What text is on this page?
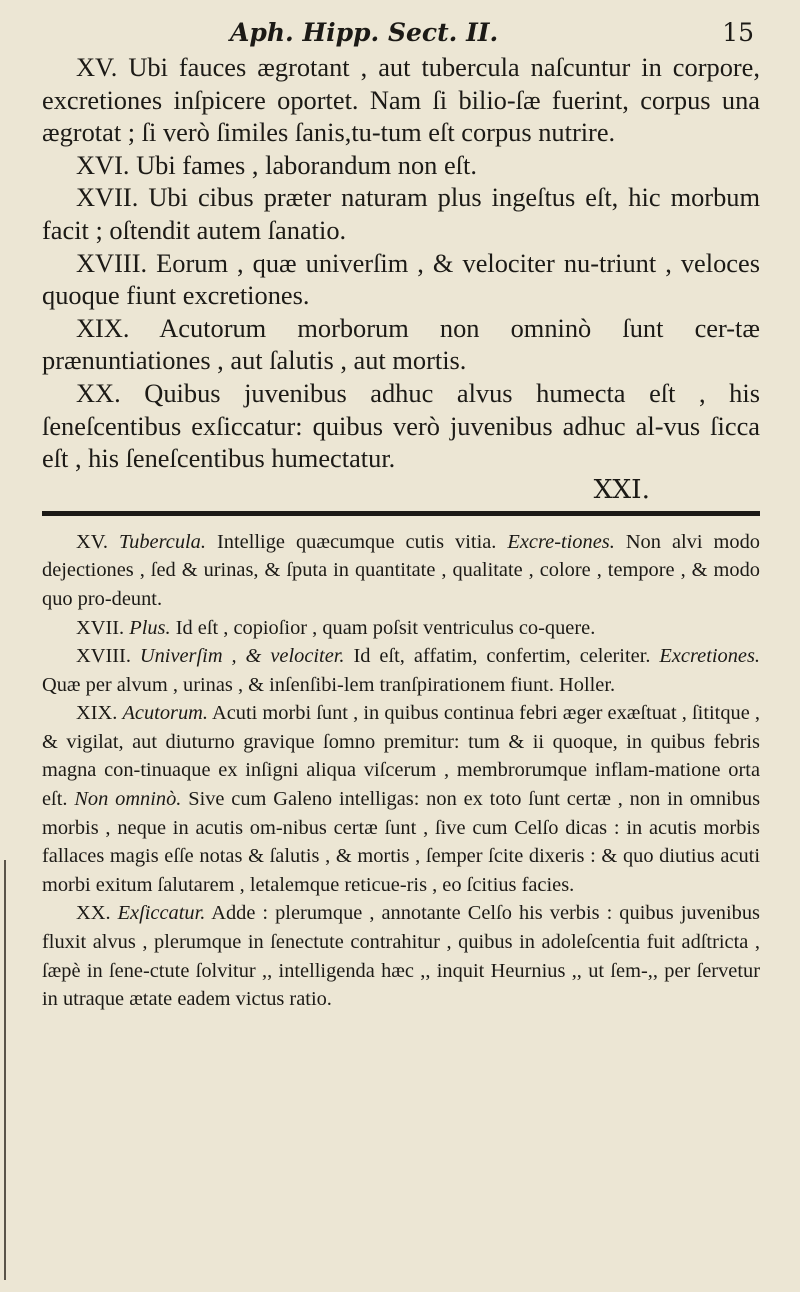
Aph. Hipp. Sect. II.	15

XV. Ubi fauces ægrotant , aut tubercula naſcuntur in corpore, excretiones inſpicere oportet. Nam ſi bilio-ſæ fuerint, corpus una ægrotat ; ſi verò ſimiles ſanis,tu-tum eſt corpus nutrire.

XVI. Ubi fames , laborandum non eſt.

XVII. Ubi cibus præter naturam plus ingeſtus eſt, hic morbum facit ; oſtendit autem ſanatio.

XVIII. Eorum , quæ univerſim , & velociter nu-triunt , veloces quoque fiunt excretiones.

XIX. Acutorum morborum non omninò ſunt cer-tæ prænuntiationes , aut ſalutis , aut mortis.

XX. Quibus juvenibus adhuc alvus humecta eſt , his ſeneſcentibus exſiccatur: quibus verò juvenibus adhuc al-vus ſicca eſt , his ſeneſcentibus humectatur.

XXI.

XV. Tubercula. Intellige quæcumque cutis vitia. Excre-tiones. Non alvi modo dejectiones , ſed & urinas, & ſputa in quantitate , qualitate , colore , tempore , & modo quo pro-deunt.

XVII. Plus. Id eſt , copioſior , quam poſsit ventriculus co-quere.

XVIII. Univerſim , & velociter. Id eſt, affatim, confertim, celeriter. Excretiones. Quæ per alvum , urinas , & inſenſibi-lem tranſpirationem fiunt. Holler.

XIX. Acutorum. Acuti morbi ſunt , in quibus continua febri æger exæſtuat , ſititque , & vigilat, aut diuturno gravique ſomno premitur: tum & ii quoque, in quibus febris magna con-tinuaque ex inſigni aliqua viſcerum , membrorumque inflam-matione orta eſt. Non omninò. Sive cum Galeno intelligas: non ex toto ſunt certæ , non in omnibus morbis , neque in acutis om-nibus certæ ſunt , ſive cum Celſo dicas : in acutis morbis fallaces magis eſſe notas & ſalutis , & mortis , ſemper ſcite dixeris : & quo diutius acuti morbi exitum ſalutarem , letalemque reticue-ris , eo ſcitius facies.

XX. Exſiccatur. Adde : plerumque , annotante Celſo his verbis : quibus juvenibus fluxit alvus , plerumque in ſenectute contrahitur , quibus in adoleſcentia fuit adſtricta , ſæpè in ſene-ctute ſolvitur ,, intelligenda hæc ,, inquit Heurnius ,, ut ſem-,, per ſervetur in utraque ætate eadem victus ratio.
